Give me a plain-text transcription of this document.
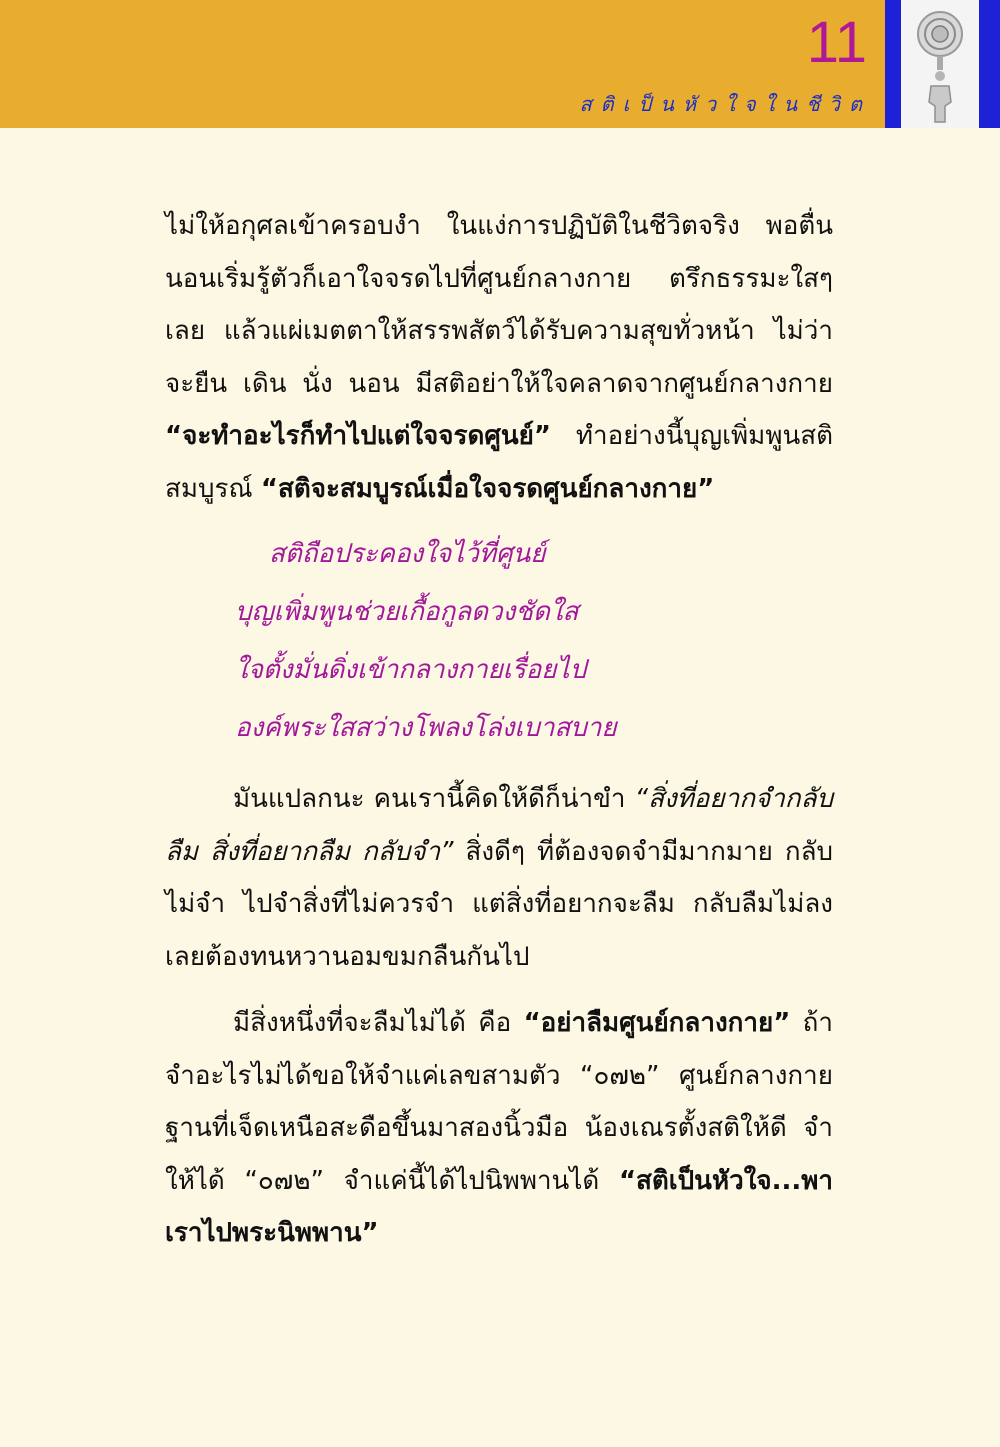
11
สติเป็นหัวใจในชีวิต

ไม่ให้อกุศลเข้าครอบงำ ในแง่การปฏิบัติในชีวิตจริง พอตื่นนอนเริ่มรู้ตัวก็เอาใจจรดไปที่ศูนย์กลางกาย ตรึกธรรมะใสๆ เลย แล้วแผ่เมตตาให้สรรพสัตว์ได้รับความสุขทั่วหน้า ไม่ว่าจะยืน เดิน นั่ง นอน มีสติอย่าให้ใจคลาดจากศูนย์กลางกาย “จะทำอะไรก็ทำไปแต่ใจจรดศูนย์” ทำอย่างนี้บุญเพิ่มพูนสติสมบูรณ์ “สติจะสมบูรณ์เมื่อใจจรดศูนย์กลางกาย”

สติถือประคองใจไว้ที่ศูนย์
บุญเพิ่มพูนช่วยเกื้อกูลดวงชัดใส
ใจตั้งมั่นดิ่งเข้ากลางกายเรื่อยไป
องค์พระใสสว่างโพลงโล่งเบาสบาย

มันแปลกนะ คนเรานี้คิดให้ดีก็น่าขำ “สิ่งที่อยากจำกลับลืม สิ่งที่อยากลืม กลับจำ” สิ่งดีๆ ที่ต้องจดจำมีมากมาย กลับไม่จำ ไปจำสิ่งที่ไม่ควรจำ แต่สิ่งที่อยากจะลืม กลับลืมไม่ลง เลยต้องทนหวานอมขมกลืนกันไป

มีสิ่งหนึ่งที่จะลืมไม่ได้ คือ “อย่าลืมศูนย์กลางกาย” ถ้าจำอะไรไม่ได้ขอให้จำแค่เลขสามตัว “๐๗๒” ศูนย์กลางกายฐานที่เจ็ดเหนือสะดือขึ้นมาสองนิ้วมือ น้องเณรตั้งสติให้ดี จำให้ได้ “๐๗๒” จำแค่นี้ได้ไปนิพพานได้ “สติเป็นหัวใจ...พาเราไปพระนิพพาน”
